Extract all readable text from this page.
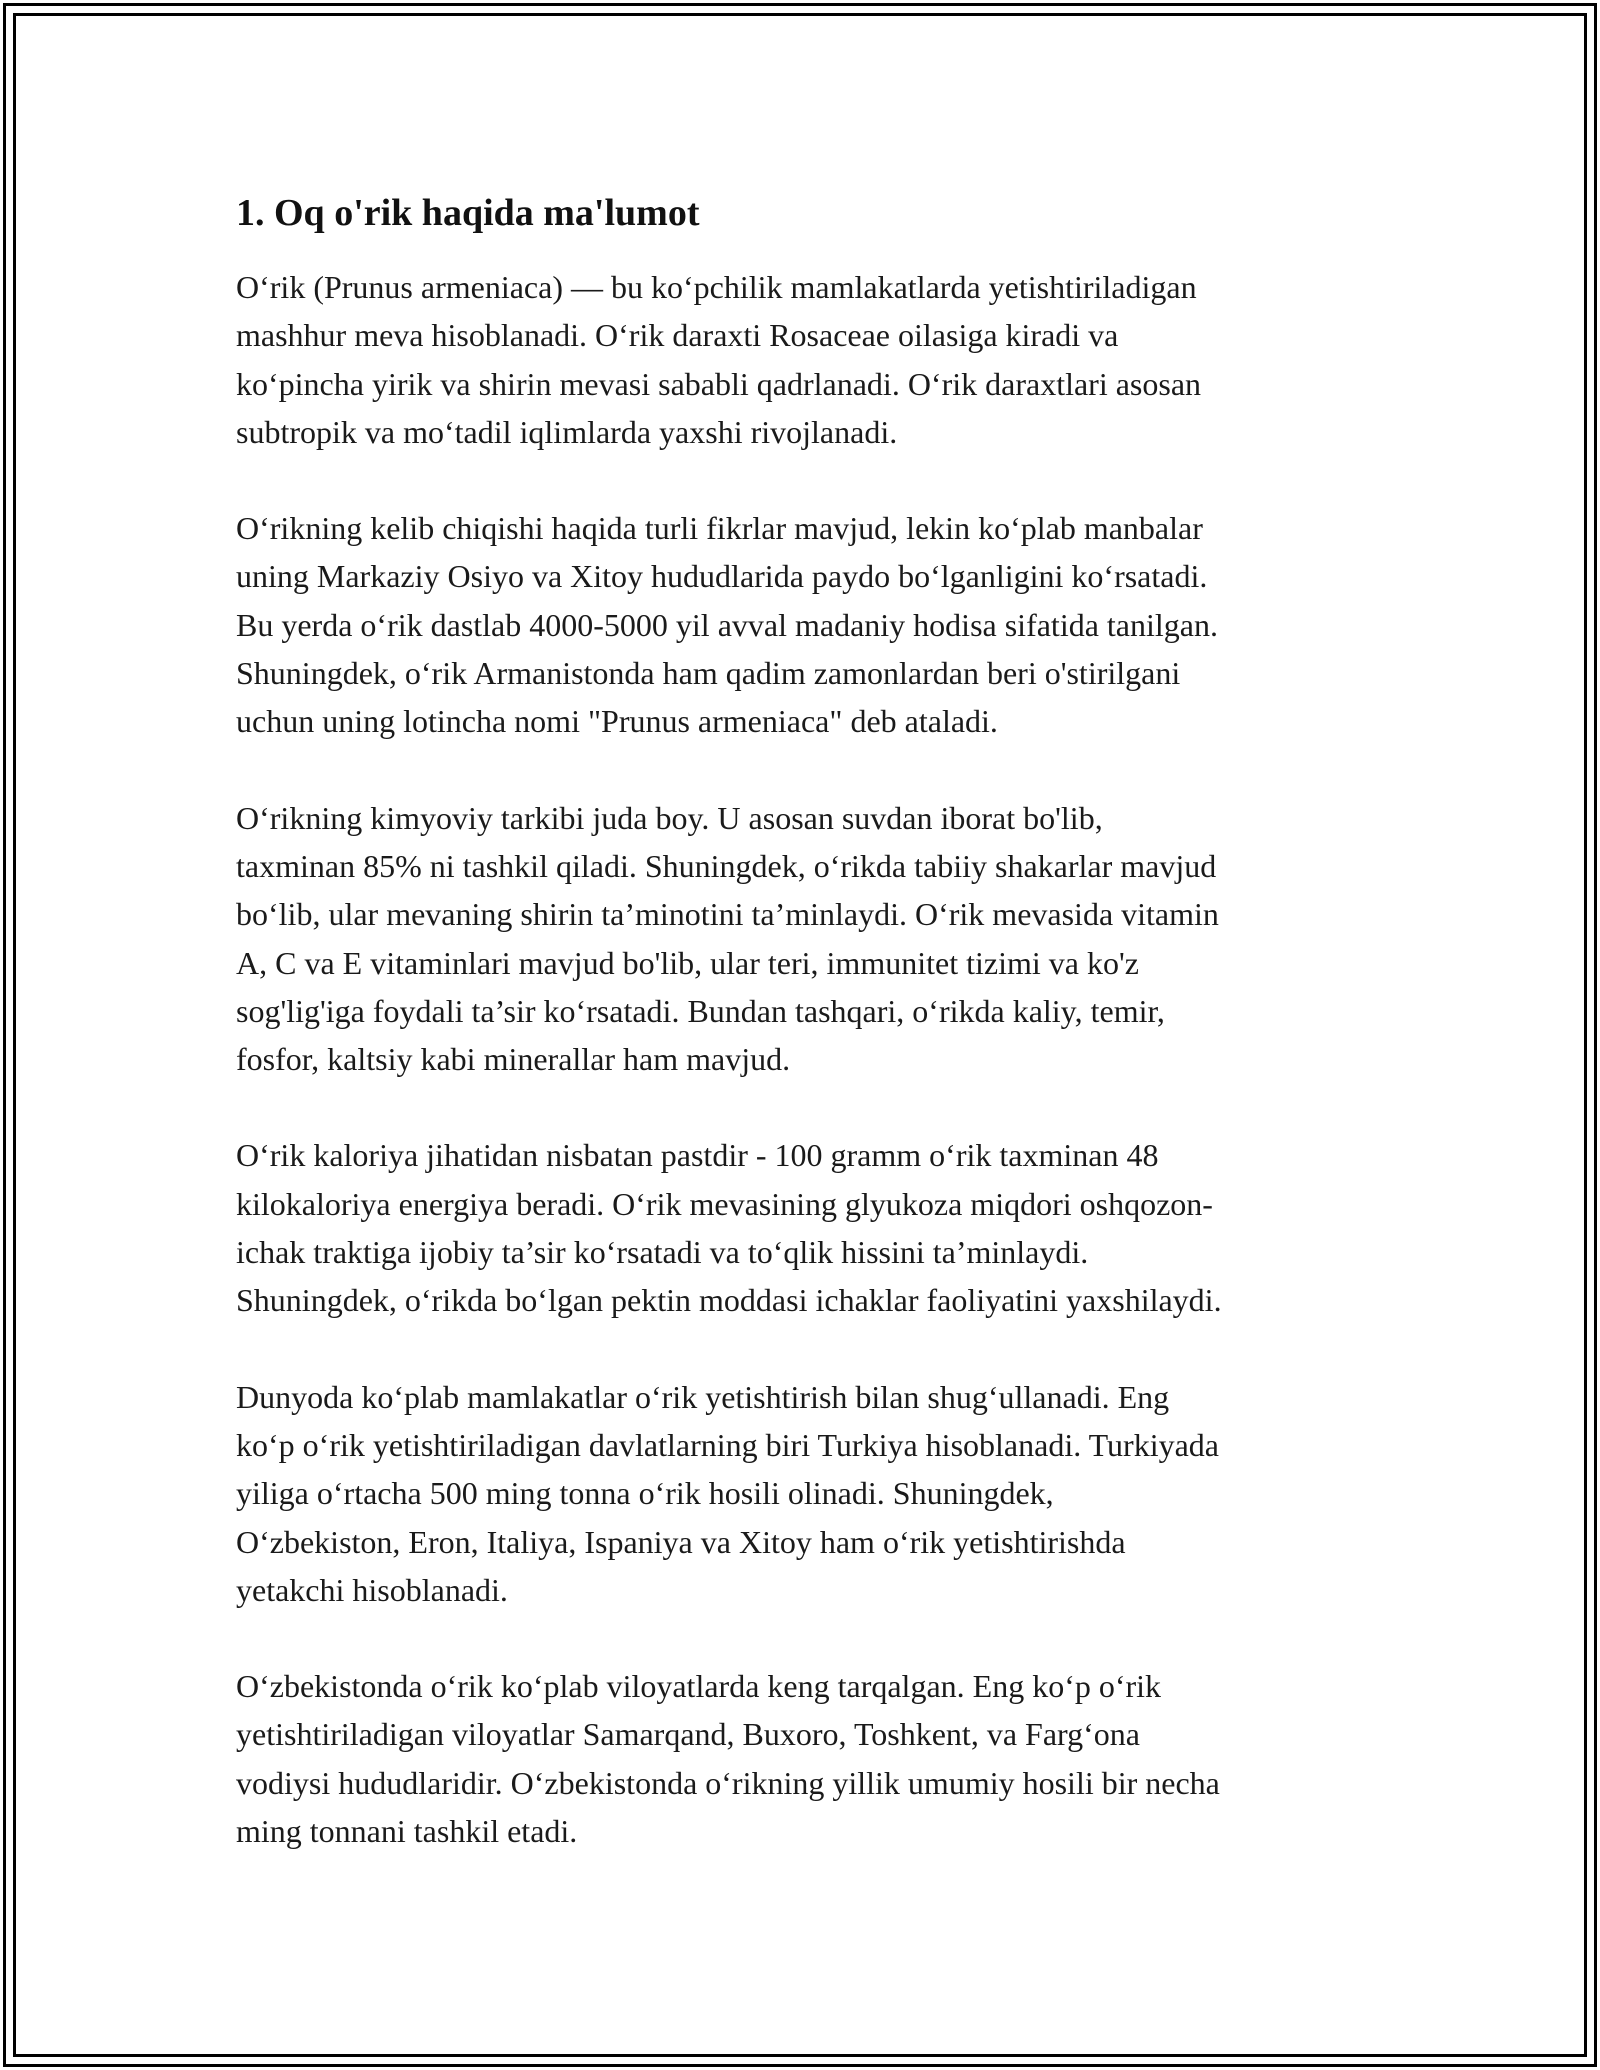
1. Oq o'rik haqida ma'lumot

O‘rik (Prunus armeniaca) — bu ko‘pchilik mamlakatlarda yetishtiriladigan
mashhur meva hisoblanadi. O‘rik daraxti Rosaceae oilasiga kiradi va
ko‘pincha yirik va shirin mevasi sababli qadrlanadi. O‘rik daraxtlari asosan
subtropik va mo‘tadil iqlimlarda yaxshi rivojlanadi.

O‘rikning kelib chiqishi haqida turli fikrlar mavjud, lekin ko‘plab manbalar
uning Markaziy Osiyo va Xitoy hududlarida paydo bo‘lganligini ko‘rsatadi.
Bu yerda o‘rik dastlab 4000-5000 yil avval madaniy hodisa sifatida tanilgan.
Shuningdek, o‘rik Armanistonda ham qadim zamonlardan beri o'stirilgani
uchun uning lotincha nomi "Prunus armeniaca" deb ataladi.

O‘rikning kimyoviy tarkibi juda boy. U asosan suvdan iborat bo'lib,
taxminan 85% ni tashkil qiladi. Shuningdek, o‘rikda tabiiy shakarlar mavjud
bo‘lib, ular mevaning shirin ta’minotini ta’minlaydi. O‘rik mevasida vitamin
A, C va E vitaminlari mavjud bo'lib, ular teri, immunitet tizimi va ko'z
sog'lig'iga foydali ta’sir ko‘rsatadi. Bundan tashqari, o‘rikda kaliy, temir,
fosfor, kaltsiy kabi minerallar ham mavjud.

O‘rik kaloriya jihatidan nisbatan pastdir - 100 gramm o‘rik taxminan 48
kilokaloriya energiya beradi. O‘rik mevasining glyukoza miqdori oshqozon-
ichak traktiga ijobiy ta’sir ko‘rsatadi va to‘qlik hissini ta’minlaydi.
Shuningdek, o‘rikda bo‘lgan pektin moddasi ichaklar faoliyatini yaxshilaydi.

Dunyoda ko‘plab mamlakatlar o‘rik yetishtirish bilan shug‘ullanadi. Eng
ko‘p o‘rik yetishtiriladigan davlatlarning biri Turkiya hisoblanadi. Turkiyada
yiliga o‘rtacha 500 ming tonna o‘rik hosili olinadi. Shuningdek,
O‘zbekiston, Eron, Italiya, Ispaniya va Xitoy ham o‘rik yetishtirishda
yetakchi hisoblanadi.

O‘zbekistonda o‘rik ko‘plab viloyatlarda keng tarqalgan. Eng ko‘p o‘rik
yetishtiriladigan viloyatlar Samarqand, Buxoro, Toshkent, va Farg‘ona
vodiysi hududlaridir. O‘zbekistonda o‘rikning yillik umumiy hosili bir necha
ming tonnani tashkil etadi.
